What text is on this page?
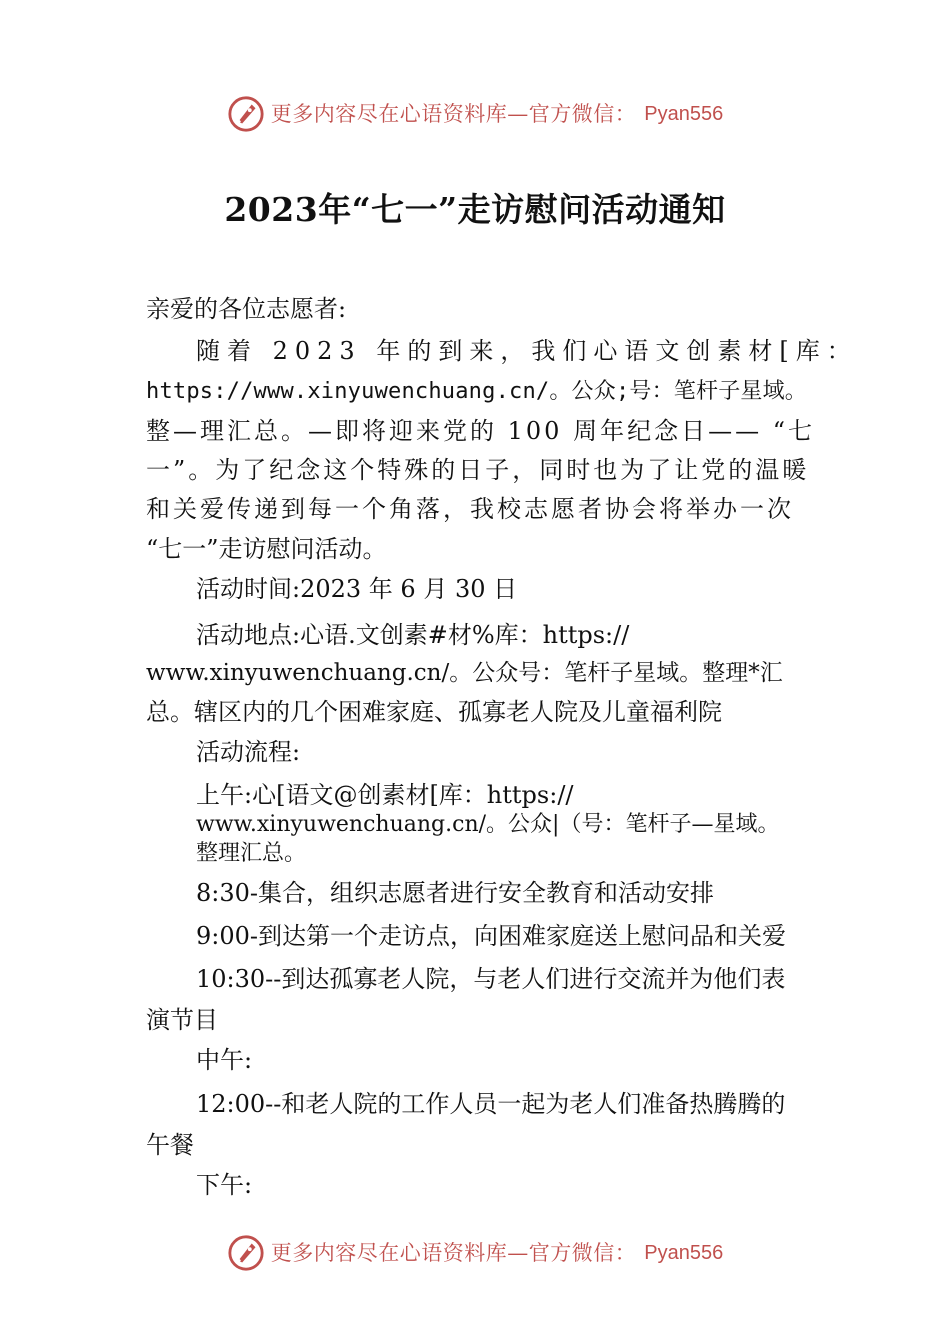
更多内容尽在心语资料库—官方微信： Pyan556
2023年“七一”走访慰问活动通知
亲爱的各位志愿者:
随着 2023 年的到来，我们心语文创素材[库：
https://www.xinyuwenchuang.cn/。公众;号：笔杆子星域。
整—理汇总。—即将迎来党的 100 周年纪念日—— “七
一”。为了纪念这个特殊的日子，同时也为了让党的温暖
和关爱传递到每一个角落，我校志愿者协会将举办一次
“七一”走访慰问活动。
活动时间:2023 年 6 月 30 日
活动地点:心语.文创素#材%库：https://
www.xinyuwenchuang.cn/。公众号：笔杆子星域。整理*汇
总。辖区内的几个困难家庭、孤寡老人院及儿童福利院
活动流程:
上午:心[语文@创素材[库：https://
www.xinyuwenchuang.cn/。公众|（号：笔杆子—星域。
整理汇总。
8:30-集合，组织志愿者进行安全教育和活动安排
9:00-到达第一个走访点，向困难家庭送上慰问品和关爱
10:30--到达孤寡老人院，与老人们进行交流并为他们表
演节目
中午:
12:00--和老人院的工作人员一起为老人们准备热腾腾的
午餐
下午:
更多内容尽在心语资料库—官方微信： Pyan556
